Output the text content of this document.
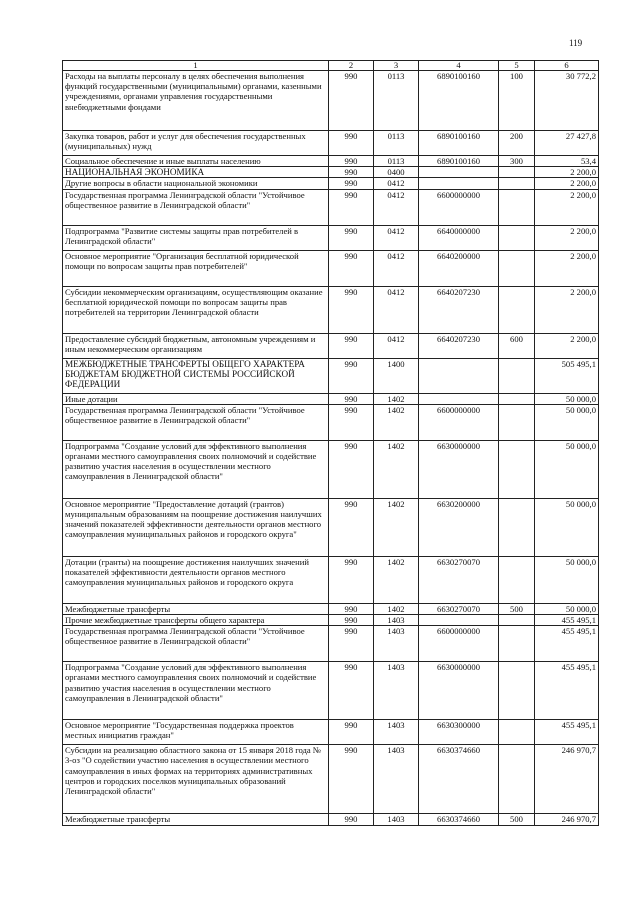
119
1	2	3	4	5	6
Расходы на выплаты персоналу в целях обеспечения выполнения функций государственными (муниципальными) органами, казенными учреждениями, органами управления государственными внебюджетными фондами	990	0113	6890100160	100	30 772,2
Закупка товаров, работ и услуг для обеспечения государственных (муниципальных) нужд	990	0113	6890100160	200	27 427,8
Социальное обеспечение и иные выплаты населению	990	0113	6890100160	300	53,4
НАЦИОНАЛЬНАЯ ЭКОНОМИКА	990	0400			2 200,0
Другие вопросы в области национальной экономики	990	0412			2 200,0
Государственная программа Ленинградской области "Устойчивое общественное развитие в Ленинградской области"	990	0412	6600000000		2 200,0
Подпрограмма "Развитие системы защиты прав потребителей в Ленинградской области"	990	0412	6640000000		2 200,0
Основное мероприятие "Организация бесплатной юридической помощи по вопросам защиты прав потребителей"	990	0412	6640200000		2 200,0
Субсидии некоммерческим организациям, осуществляющим оказание бесплатной юридической помощи по вопросам защиты прав потребителей на территории Ленинградской области	990	0412	6640207230		2 200,0
Предоставление субсидий бюджетным, автономным учреждениям и иным некоммерческим организациям	990	0412	6640207230	600	2 200,0
МЕЖБЮДЖЕТНЫЕ ТРАНСФЕРТЫ ОБЩЕГО ХАРАКТЕРА БЮДЖЕТАМ БЮДЖЕТНОЙ СИСТЕМЫ РОССИЙСКОЙ ФЕДЕРАЦИИ	990	1400			505 495,1
Иные дотации	990	1402			50 000,0
Государственная программа Ленинградской области "Устойчивое общественное развитие в Ленинградской области"	990	1402	6600000000		50 000,0
Подпрограмма "Создание условий для эффективного выполнения органами местного самоуправления своих полномочий и содействие развитию участия населения в осуществлении местного самоуправления в Ленинградской области"	990	1402	6630000000		50 000,0
Основное мероприятие "Предоставление дотаций (грантов) муниципальным образованиям на поощрение достижения наилучших значений показателей эффективности деятельности органов местного самоуправления муниципальных районов и городского округа"	990	1402	6630200000		50 000,0
Дотации (гранты) на поощрение достижения наилучших значений показателей эффективности деятельности органов местного самоуправления муниципальных районов и городского округа	990	1402	6630270070		50 000,0
Межбюджетные трансферты	990	1402	6630270070	500	50 000,0
Прочие межбюджетные трансферты общего характера	990	1403			455 495,1
Государственная программа Ленинградской области "Устойчивое общественное развитие в Ленинградской области"	990	1403	6600000000		455 495,1
Подпрограмма "Создание условий для эффективного выполнения органами местного самоуправления своих полномочий и содействие развитию участия населения в осуществлении местного самоуправления в Ленинградской области"	990	1403	6630000000		455 495,1
Основное мероприятие "Государственная поддержка проектов местных инициатив граждан"	990	1403	6630300000		455 495,1
Субсидии на реализацию областного закона от 15 января 2018 года № 3-оз "О содействии участию населения в осуществлении местного самоуправления в иных формах на территориях административных центров и городских поселков муниципальных образований Ленинградской области"	990	1403	6630374660		246 970,7
Межбюджетные трансферты	990	1403	6630374660	500	246 970,7
